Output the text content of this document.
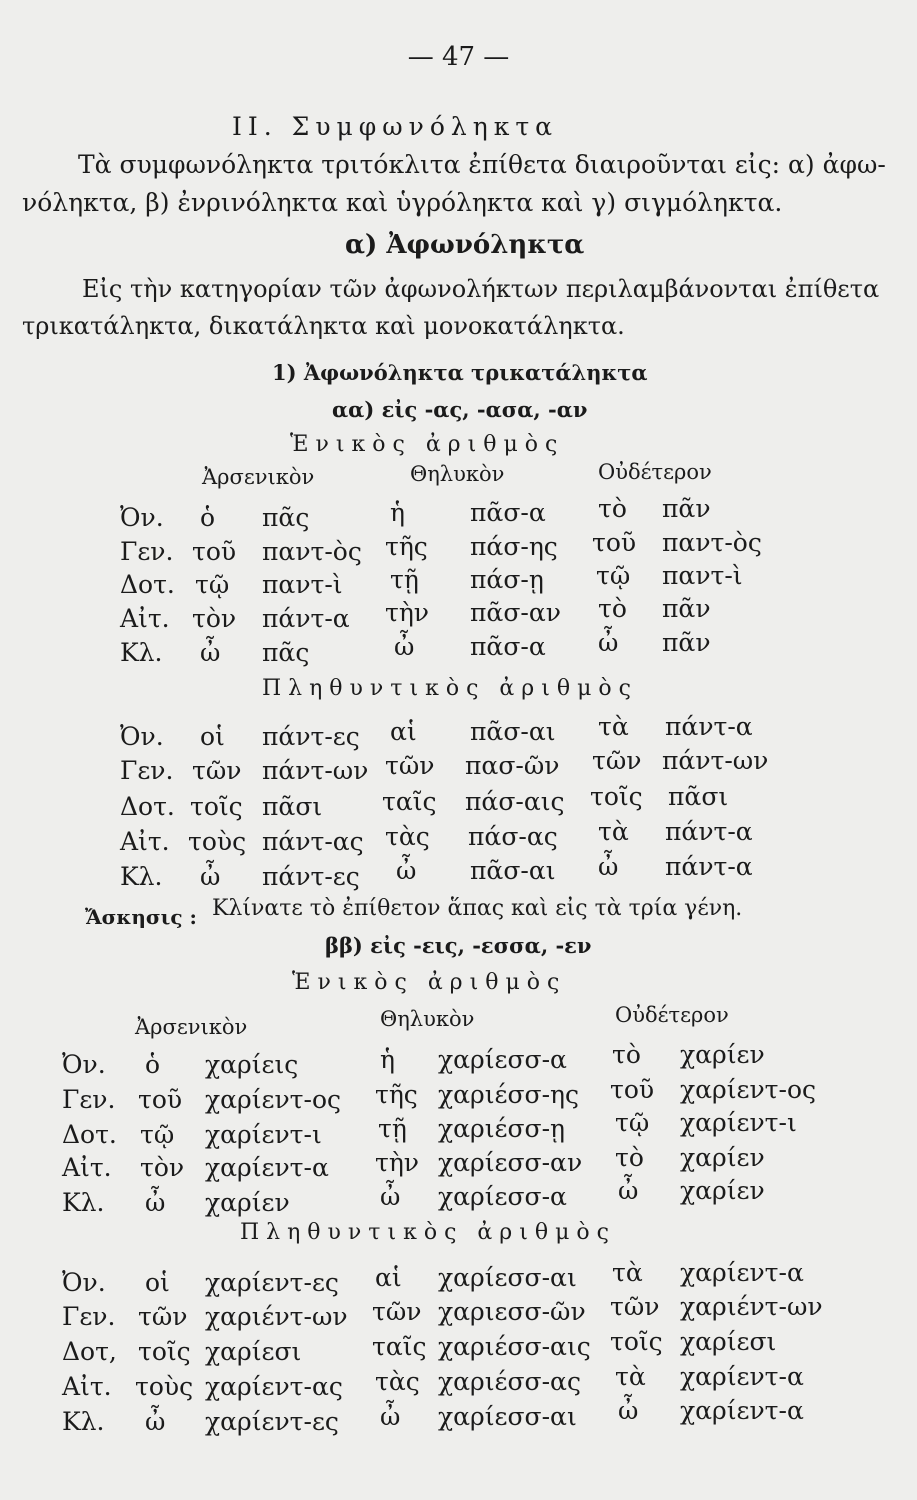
— 47 —
II. Συμφωνόληκτα
Τὰ συμφωνόληκτα τριτόκλιτα ἐπίθετα διαιροῦνται εἰς: α) ἀφω-
νόληκτα, β) ἐνρινόληκτα καὶ ὑγρόληκτα καὶ γ) σιγμόληκτα.
α) Ἀφωνόληκτα
Εἰς τὴν κατηγορίαν τῶν ἀφωνολήκτων περιλαμβάνονται ἐπίθετα
τρικατάληκτα, δικατάληκτα καὶ μονοκατάληκτα.
1) Ἀφωνόληκτα τρικατάληκτα
αα) εἰς -ας, -ασα, -αν
Ἑνικὸς ἀριθμὸς
Ἀρσενικὸν	Θηλυκὸν	Οὐδέτερον
Ὀν. ὁ πᾶς	ἡ	πᾶσ-α τὸ πᾶν
Γεν. τοῦ παντ-ὸς τῆς πάσ-ης τοῦ παντ-ὸς
Δοτ. τῷ παντ-ὶ τῇ πάσ-ῃ τῷ παντ-ὶ
Αἰτ. τὸν πάντ-α τὴν πᾶσ-αν τὸ πᾶν
Κλ. ὦ πᾶς	ὦ πᾶσ-α ὦ πᾶν
Πληθυντικὸς ἀριθμὸς
Ὀν. οἱ πάντ-ες αἱ πᾶσ-αι τὰ πάντ-α
Γεν. τῶν πάντ-ων τῶν πασ-ῶν τῶν πάντ-ων
Δοτ. τοῖς πᾶσι ταῖς πάσ-αις τοῖς πᾶσι
Αἰτ. τοὺς πάντ-ας τὰς πάσ-ας τὰ πάντ-α
Κλ. ὦ πάντ-ες ὦ πᾶσ-αι ὦ πάντ-α
Ἄσκησις : Κλίνατε τὸ ἐπίθετον ἅπας καὶ εἰς τὰ τρία γένη.
ββ) εἰς -εις, -εσσα, -εν
Ἑνικὸς ἀριθμὸς
Ἀρσενικὸν	Θηλυκὸν	Οὐδέτερον
Ὀν. ὁ χαρίεις	ἡ χαρίεσσ-α τὸ χαρίεν
Γεν. τοῦ χαρίεντ-ος τῆς χαριέσσ-ης τοῦ χαρίεντ-ος
Δοτ. τῷ χαρίεντ-ι τῇ χαριέσσ-ῃ τῷ χαρίεντ-ι
Αἰτ. τὸν χαρίεντ-α τὴν χαρίεσσ-αν τὸ χαρίεν
Κλ. ὦ χαρίεν	ὦ χαρίεσσ-α ὦ χαρίεν
Πληθυντικὸς ἀριθμὸς
Ὀν. οἱ χαρίεντ-ες αἱ χαρίεσσ-αι τὰ χαρίεντ-α
Γεν. τῶν χαριέντ-ων τῶν χαριεσσ-ῶν τῶν χαριέντ-ων
Δοτ, τοῖς χαρίεσι	ταῖς χαριέσσ-αις τοῖς χαρίεσι
Αἰτ. τοὺς χαρίεντ-ας τὰς χαριέσσ-ας τὰ χαρίεντ-α
Κλ. ὦ χαρίεντ-ες ὦ χαρίεσσ-αι ὦ χαρίεντ-α
